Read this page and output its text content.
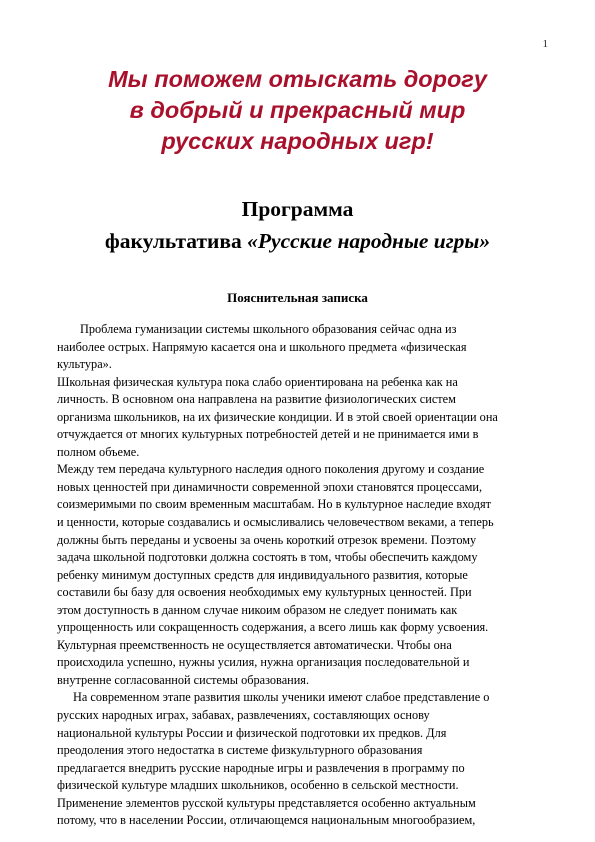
1
Мы поможем отыскать дорогу
в добрый и прекрасный мир
русских народных игр!
Программа
факультатива «Русские народные игры»
Пояснительная записка
Проблема гуманизации системы школьного образования сейчас одна из
наиболее острых. Напрямую касается она и школьного предмета «физическая
культура».
Школьная физическая культура пока слабо ориентирована на ребенка как на
личность. В основном она направлена на развитие физиологических систем
организма школьников, на их физические кондиции. И в этой своей ориентации она
отчуждается от многих культурных потребностей детей и не принимается ими в
полном объеме.
Между тем передача культурного наследия одного поколения другому и создание
новых ценностей при динамичности современной эпохи становятся процессами,
соизмеримыми по своим временным масштабам. Но в культурное наследие входят
и ценности, которые создавались и осмысливались человечеством веками, а теперь
должны быть переданы и усвоены за очень короткий отрезок времени. Поэтому
задача школьной подготовки должна состоять в том, чтобы обеспечить каждому
ребенку минимум доступных средств для индивидуального развития, которые
составили бы базу для освоения необходимых ему культурных ценностей. При
этом доступность в данном случае никоим образом не следует понимать как
упрощенность или сокращенность содержания, а всего лишь как форму усвоения.
Культурная преемственность не осуществляется автоматически. Чтобы она
происходила успешно, нужны усилия, нужна организация последовательной и
внутренне согласованной системы образования.
На современном этапе развития школы ученики имеют слабое представление о
русских народных играх, забавах, развлечениях, составляющих основу
национальной культуры России и физической подготовки их предков. Для
преодоления этого недостатка в системе физкультурного образования
предлагается внедрить русские народные игры и развлечения в программу по
физической культуре младших школьников, особенно в сельской местности.
Применение элементов русской культуры представляется особенно актуальным
потому, что в населении России, отличающемся национальным многообразием,
